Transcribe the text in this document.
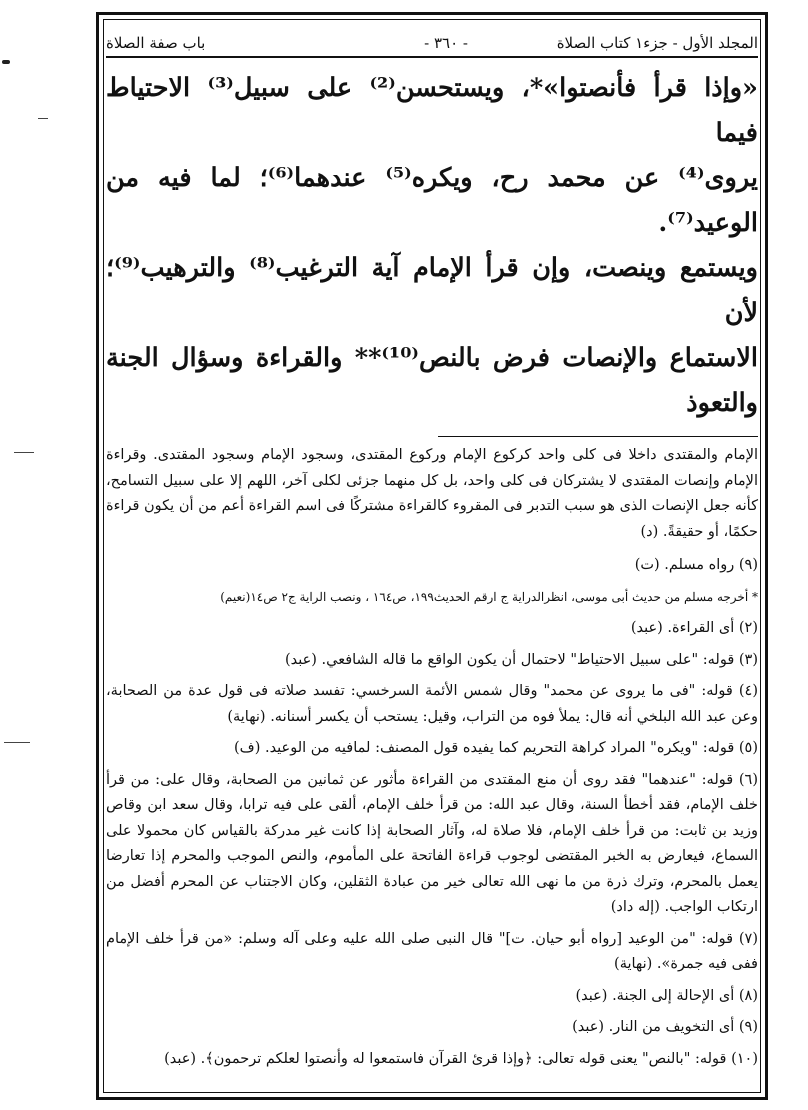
المجلد الأول - جزء١ كتاب الصلاة
- ٣٦٠ -
باب صفة الصلاة

«وإذا قرأ فأنصتوا»*، ويستحسن⁽²⁾ على سبيل⁽³⁾ الاحتياط فيما

يروى⁽⁴⁾ عن محمد رح، ويكره⁽⁵⁾ عندهما⁽⁶⁾؛ لما فيه من الوعيد⁽⁷⁾.

ويستمع وينصت، وإن قرأ الإمام آية الترغيب⁽⁸⁾ والترهيب⁽⁹⁾؛ لأن

الاستماع والإنصات فرض بالنص⁽¹⁰⁾** والقراءة وسؤال الجنة والتعوذ

الإمام والمقتدى داخلا فى كلى واحد كركوع الإمام وركوع المقتدى، وسجود الإمام وسجود المقتدى. وقراءة الإمام وإنصات المقتدى لا يشتركان فى كلى واحد، بل كل منهما جزئى لكلى آخر، اللهم إلا على سبيل التسامح، كأنه جعل الإنصات الذى هو سبب التدبر فى المقروء كالقراءة مشتركًا فى اسم القراءة أعم من أن يكون قراءة حكمًا، أو حقيقةً. (د)

(٩) رواه مسلم. (ت)

* أخرجه مسلم من حديث أبى موسى، انظرالدراية ج ارقم الحديث١٩٩، ص١٦٤ ، ونصب الراية ج٢ ص١٤(نعيم)

(٢) أى القراءة. (عبد)

(٣) قوله: "على سبيل الاحتياط" لاحتمال أن يكون الواقع ما قاله الشافعي. (عبد)

(٤) قوله: "فى ما يروى عن محمد" وقال شمس الأئمة السرخسي: تفسد صلاته فى قول عدة من الصحابة، وعن عبد الله البلخي أنه قال: يملأ فوه من التراب، وقيل: يستحب أن يكسر أسنانه. (نهاية)

(٥) قوله: "ويكره" المراد كراهة التحريم كما يفيده قول المصنف: لمافيه من الوعيد. (ف)

(٦) قوله: "عندهما" فقد روى أن منع المقتدى من القراءة مأثور عن ثمانين من الصحابة، وقال على: من قرأ خلف الإمام، فقد أخطأ السنة، وقال عبد الله: من قرأ خلف الإمام، ألقى على فيه ترابا، وقال سعد ابن وقاص وزيد بن ثابت: من قرأ خلف الإمام، فلا صلاة له، وآثار الصحابة إذا كانت غير مدركة بالقياس كان محمولا على السماع، فيعارض به الخبر المقتضى لوجوب قراءة الفاتحة على المأموم، والنص الموجب والمحرم إذا تعارضا يعمل بالمحرم، وترك ذرة من ما نهى الله تعالى خير من عبادة الثقلين، وكان الاجتناب عن المحرم أفضل من ارتكاب الواجب. (إله داد)

(٧) قوله: "من الوعيد [رواه أبو حيان. ت]" قال النبى صلى الله عليه وعلى آله وسلم: «من قرأ خلف الإمام ففى فيه جمرة». (نهاية)

(٨) أى الإحالة إلى الجنة. (عبد)

(٩) أى التخويف من النار. (عبد)

(١٠) قوله: "بالنص" يعنى قوله تعالى: ﴿وإذا قرئ القرآن فاستمعوا له وأنصتوا لعلكم ترحمون﴾. (عبد)
